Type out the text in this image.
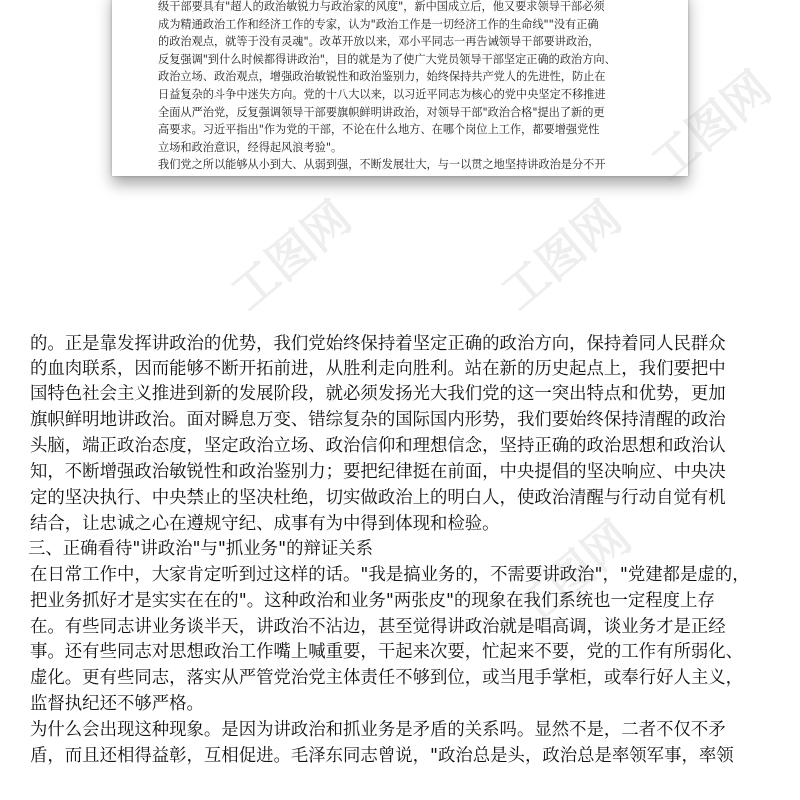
级干部要具有"超人的政治敏锐力与政治家的风度"，新中国成立后，他又要求领导干部必须
成为精通政治工作和经济工作的专家，认为"政治工作是一切经济工作的生命线""没有正确
的政治观点，就等于没有灵魂"。改革开放以来，邓小平同志一再告诫领导干部要讲政治，
反复强调"到什么时候都得讲政治"，目的就是为了使广大党员领导干部坚定正确的政治方向、
政治立场、政治观点，增强政治敏锐性和政治鉴别力，始终保持共产党人的先进性，防止在
日益复杂的斗争中迷失方向。党的十八大以来，以习近平同志为核心的党中央坚定不移推进
全面从严治党，反复强调领导干部要旗帜鲜明讲政治，对领导干部"政治合格"提出了新的更
高要求。习近平指出"作为党的干部，不论在什么地方、在哪个岗位上工作，都要增强党性
立场和政治意识，经得起风浪考验"。
我们党之所以能够从小到大、从弱到强，不断发展壮大，与一以贯之地坚持讲政治是分不开
工图网	工图网
工图网
工图网
的。正是靠发挥讲政治的优势，我们党始终保持着坚定正确的政治方向，保持着同人民群众
的血肉联系，因而能够不断开拓前进，从胜利走向胜利。站在新的历史起点上，我们要把中
国特色社会主义推进到新的发展阶段，就必须发扬光大我们党的这一突出特点和优势，更加
旗帜鲜明地讲政治。面对瞬息万变、错综复杂的国际国内形势，我们要始终保持清醒的政治
头脑，端正政治态度，坚定政治立场、政治信仰和理想信念，坚持正确的政治思想和政治认
知，不断增强政治敏锐性和政治鉴别力；要把纪律挺在前面，中央提倡的坚决响应、中央决
定的坚决执行、中央禁止的坚决杜绝，切实做政治上的明白人，使政治清醒与行动自觉有机
结合，让忠诚之心在遵规守纪、成事有为中得到体现和检验。
三、正确看待"讲政治"与"抓业务"的辩证关系
在日常工作中，大家肯定听到过这样的话。"我是搞业务的，不需要讲政治"，"党建都是虚的，
把业务抓好才是实实在在的"。这种政治和业务"两张皮"的现象在我们系统也一定程度上存
在。有些同志讲业务谈半天，讲政治不沾边，甚至觉得讲政治就是唱高调，谈业务才是正经
事。还有些同志对思想政治工作嘴上喊重要，干起来次要，忙起来不要，党的工作有所弱化、
虚化。更有些同志，落实从严管党治党主体责任不够到位，或当甩手掌柜，或奉行好人主义，
监督执纪还不够严格。
为什么会出现这种现象。是因为讲政治和抓业务是矛盾的关系吗。显然不是，二者不仅不矛
盾，而且还相得益彰，互相促进。毛泽东同志曾说，"政治总是头，政治总是率领军事，率领
